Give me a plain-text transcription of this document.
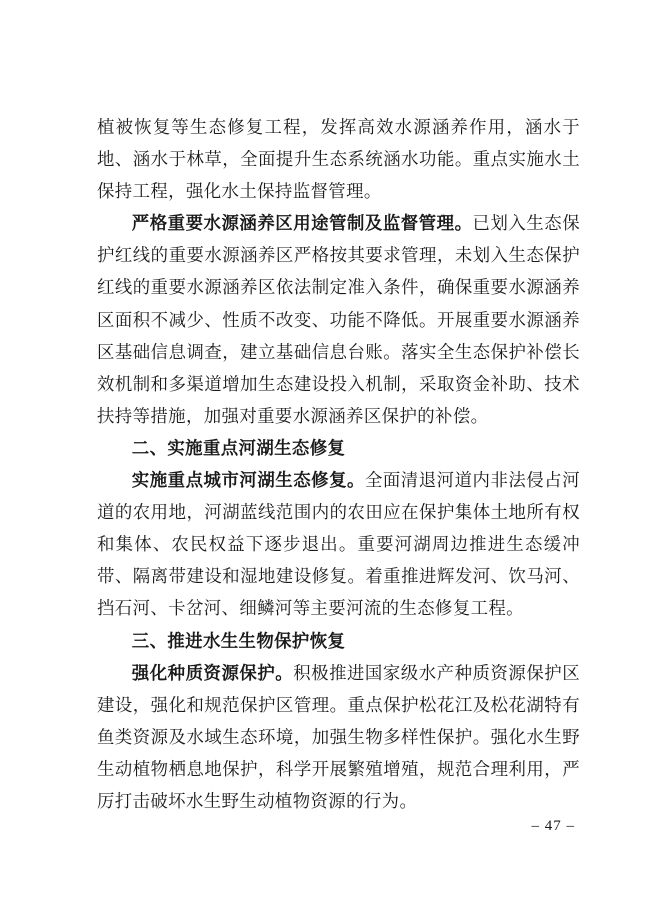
植被恢复等生态修复工程，发挥高效水源涵养作用，涵水于地、涵水于林草，全面提升生态系统涵水功能。重点实施水土保持工程，强化水土保持监督管理。

严格重要水源涵养区用途管制及监督管理。已划入生态保护红线的重要水源涵养区严格按其要求管理，未划入生态保护红线的重要水源涵养区依法制定准入条件，确保重要水源涵养区面积不减少、性质不改变、功能不降低。开展重要水源涵养区基础信息调查，建立基础信息台账。落实全生态保护补偿长效机制和多渠道增加生态建设投入机制，采取资金补助、技术扶持等措施，加强对重要水源涵养区保护的补偿。

二、实施重点河湖生态修复

实施重点城市河湖生态修复。全面清退河道内非法侵占河道的农用地，河湖蓝线范围内的农田应在保护集体土地所有权和集体、农民权益下逐步退出。重要河湖周边推进生态缓冲带、隔离带建设和湿地建设修复。着重推进辉发河、饮马河、挡石河、卡岔河、细鳞河等主要河流的生态修复工程。

三、推进水生生物保护恢复

强化种质资源保护。积极推进国家级水产种质资源保护区建设，强化和规范保护区管理。重点保护松花江及松花湖特有鱼类资源及水域生态环境，加强生物多样性保护。强化水生野生动植物栖息地保护，科学开展繁殖增殖，规范合理利用，严厉打击破坏水生野生动植物资源的行为。

– 47 –
